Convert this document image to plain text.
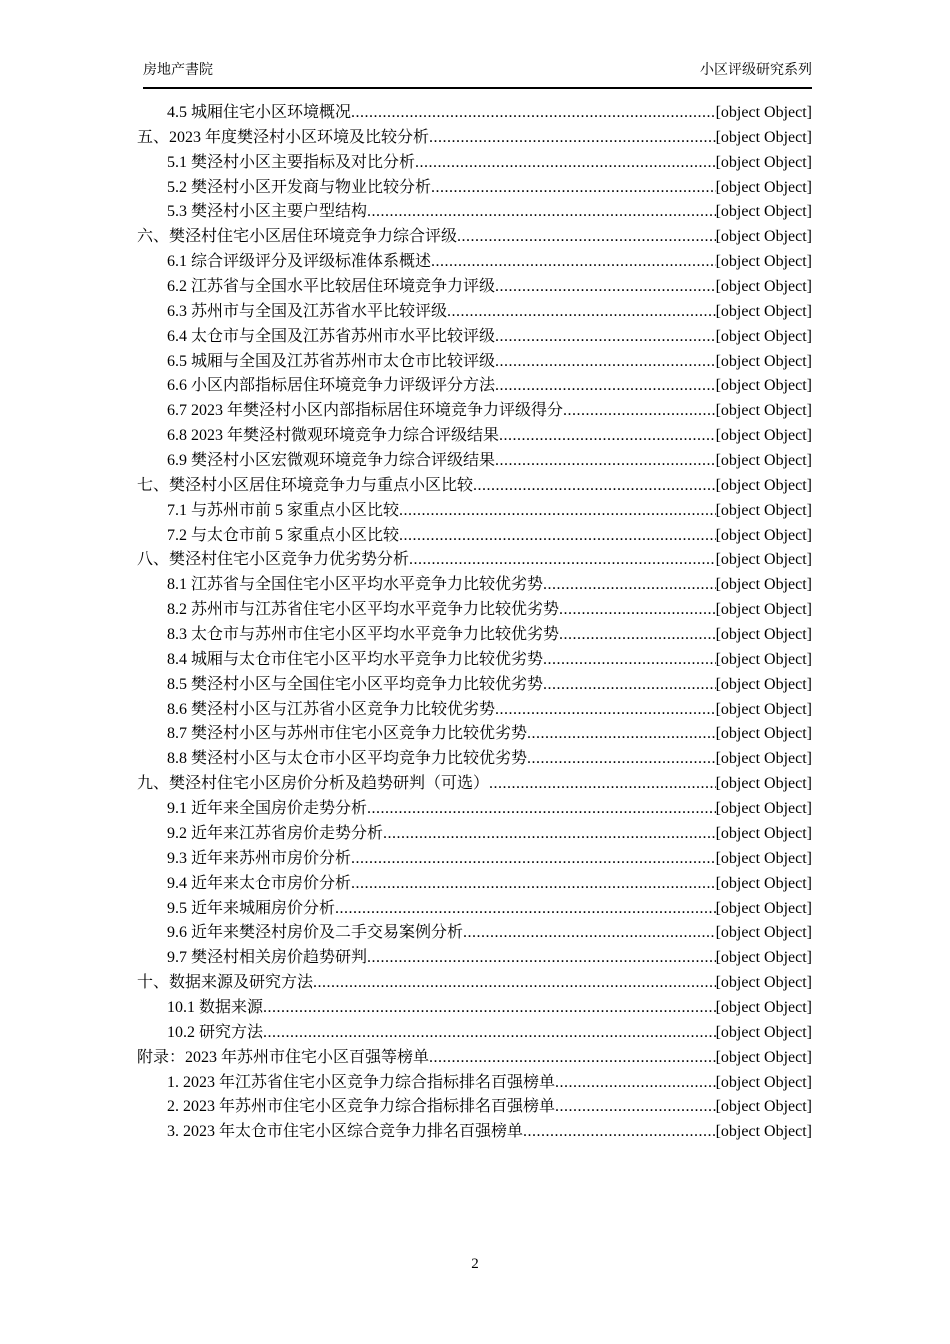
房地产書院	小区评级研究系列
4.5 城厢住宅小区环境概况 .....	[object Object]
五、2023 年度樊泾村小区环境及比较分析 .....	[object Object]
5.1 樊泾村小区主要指标及对比分析 .....	[object Object]
5.2 樊泾村小区开发商与物业比较分析 .....	[object Object]
5.3 樊泾村小区主要户型结构 .....	[object Object]
六、樊泾村住宅小区居住环境竞争力综合评级 .....	[object Object]
6.1 综合评级评分及评级标准体系概述 .....	[object Object]
6.2 江苏省与全国水平比较居住环境竞争力评级 .....	[object Object]
6.3 苏州市与全国及江苏省水平比较评级 .....	[object Object]
6.4 太仓市与全国及江苏省苏州市水平比较评级 .....	[object Object]
6.5 城厢与全国及江苏省苏州市太仓市比较评级 .....	[object Object]
6.6 小区内部指标居住环境竞争力评级评分方法 .....	[object Object]
6.7 2023 年樊泾村小区内部指标居住环境竞争力评级得分 .....	[object Object]
6.8 2023 年樊泾村微观环境竞争力综合评级结果 .....	[object Object]
6.9 樊泾村小区宏微观环境竞争力综合评级结果 .....	[object Object]
七、樊泾村小区居住环境竞争力与重点小区比较 .....	[object Object]
7.1 与苏州市前 5 家重点小区比较 .....	[object Object]
7.2 与太仓市前 5 家重点小区比较 .....	[object Object]
八、樊泾村住宅小区竞争力优劣势分析 .....	[object Object]
8.1 江苏省与全国住宅小区平均水平竞争力比较优劣势 .....	[object Object]
8.2 苏州市与江苏省住宅小区平均水平竞争力比较优劣势 .....	[object Object]
8.3 太仓市与苏州市住宅小区平均水平竞争力比较优劣势 .....	[object Object]
8.4 城厢与太仓市住宅小区平均水平竞争力比较优劣势 .....	[object Object]
8.5 樊泾村小区与全国住宅小区平均竞争力比较优劣势 .....	[object Object]
8.6 樊泾村小区与江苏省小区竞争力比较优劣势 .....	[object Object]
8.7 樊泾村小区与苏州市住宅小区竞争力比较优劣势 .....	[object Object]
8.8 樊泾村小区与太仓市小区平均竞争力比较优劣势 .....	[object Object]
九、樊泾村住宅小区房价分析及趋势研判（可选） .....	[object Object]
9.1 近年来全国房价走势分析 .....	[object Object]
9.2 近年来江苏省房价走势分析 .....	[object Object]
9.3 近年来苏州市房价分析 .....	[object Object]
9.4 近年来太仓市房价分析 .....	[object Object]
9.5 近年来城厢房价分析 .....	[object Object]
9.6 近年来樊泾村房价及二手交易案例分析 .....	[object Object]
9.7 樊泾村相关房价趋势研判 .....	[object Object]
十、数据来源及研究方法 .....	[object Object]
10.1 数据来源 .....	[object Object]
10.2 研究方法 .....	[object Object]
附录：2023 年苏州市住宅小区百强等榜单 .....	[object Object]
1. 2023 年江苏省住宅小区竞争力综合指标排名百强榜单 .....	[object Object]
2. 2023 年苏州市住宅小区竞争力综合指标排名百强榜单 .....	[object Object]
3. 2023 年太仓市住宅小区综合竞争力排名百强榜单 .....	[object Object]
2
